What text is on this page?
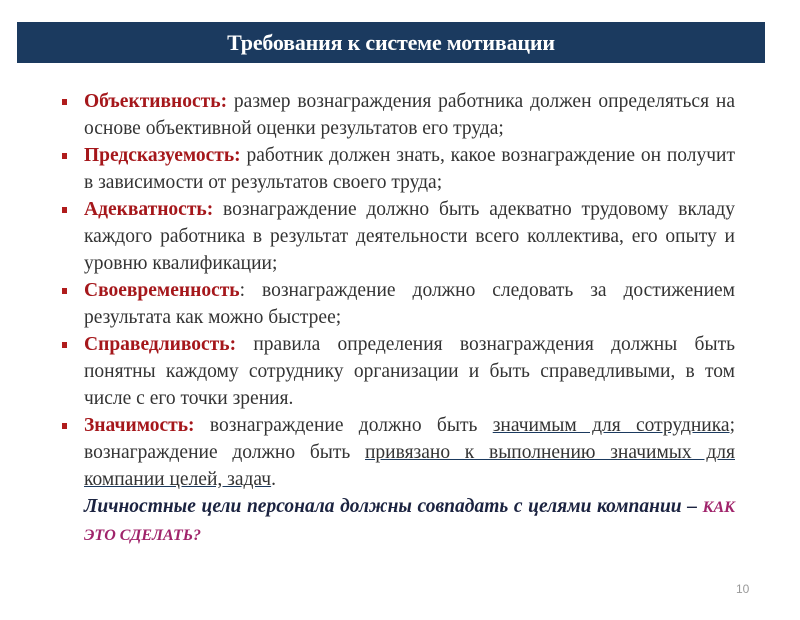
Требования к системе мотивации
Объективность: размер вознаграждения работника должен определяться на основе объективной оценки результатов его труда;
Предсказуемость: работник должен знать, какое вознаграждение он получит в зависимости от результатов своего труда;
Адекватность: вознаграждение должно быть адекватно трудовому вкладу каждого работника в результат деятельности всего коллектива, его опыту и уровню квалификации;
Своевременность: вознаграждение должно следовать за достижением результата как можно быстрее;
Справедливость: правила определения вознаграждения должны быть понятны каждому сотруднику организации и быть справедливыми, в том числе с его точки зрения.
Значимость: вознаграждение должно быть значимым для сотрудника; вознаграждение должно быть привязано к выполнению значимых для компании целей, задач.
Личностные цели персонала должны совпадать с целями компании – КАК ЭТО СДЕЛАТЬ?
10
